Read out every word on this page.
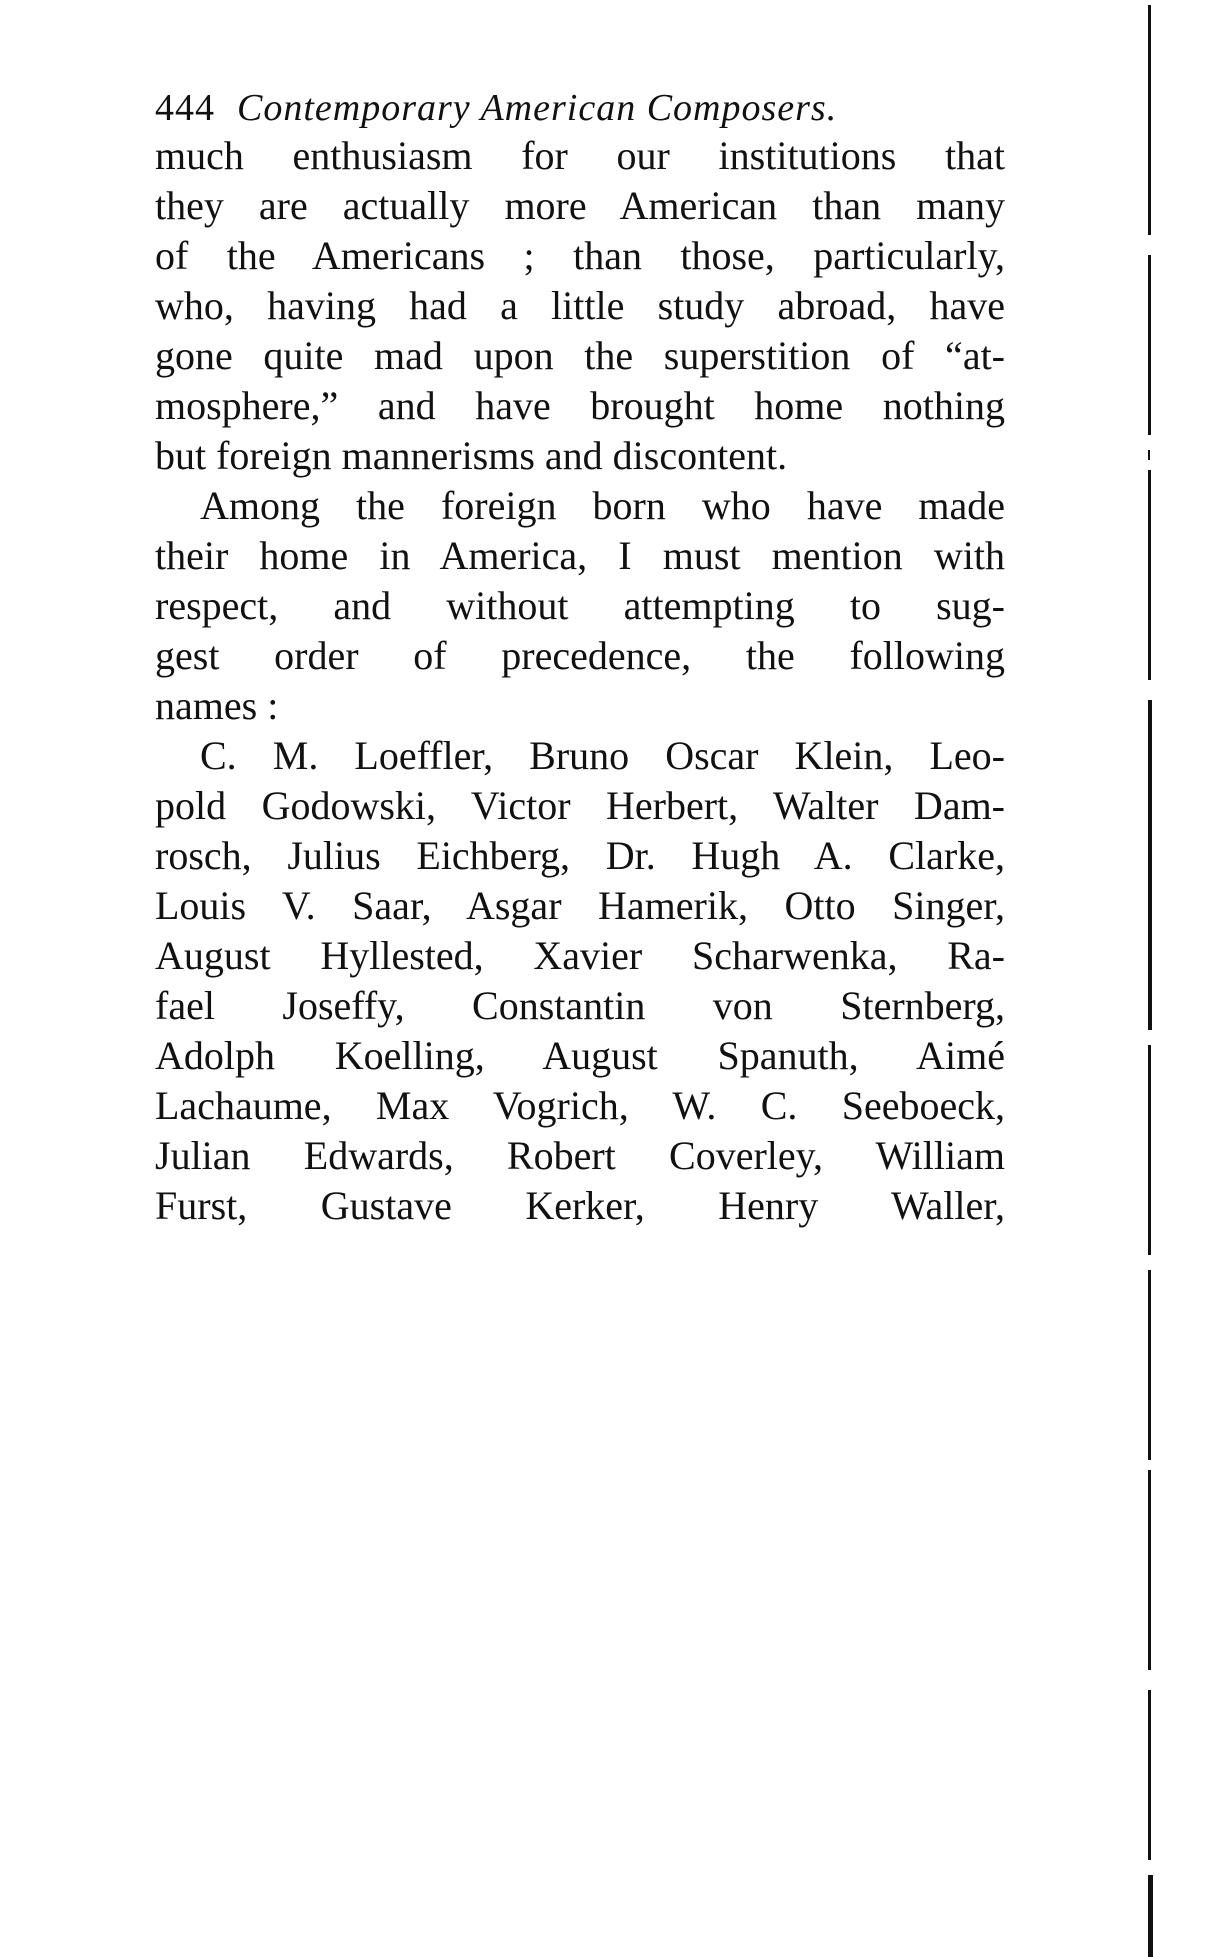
444 Contemporary American Composers.
much enthusiasm for our institutions that
they are actually more American than many
of the Americans ; than those, particularly,
who, having had a little study abroad, have
gone quite mad upon the superstition of “at-
mosphere,” and have brought home nothing
but foreign mannerisms and discontent.
Among the foreign born who have made
their home in America, I must mention with
respect, and without attempting to sug-
gest order of precedence, the following
names :
C. M. Loeffler, Bruno Oscar Klein, Leo-
pold Godowski, Victor Herbert, Walter Dam-
rosch, Julius Eichberg, Dr. Hugh A. Clarke,
Louis V. Saar, Asgar Hamerik, Otto Singer,
August Hyllested, Xavier Scharwenka, Ra-
fael Joseffy, Constantin von Sternberg,
Adolph Koelling, August Spanuth, Aimé
Lachaume, Max Vogrich, W. C. Seeboeck,
Julian Edwards, Robert Coverley, William
Furst, Gustave Kerker, Henry Waller,
